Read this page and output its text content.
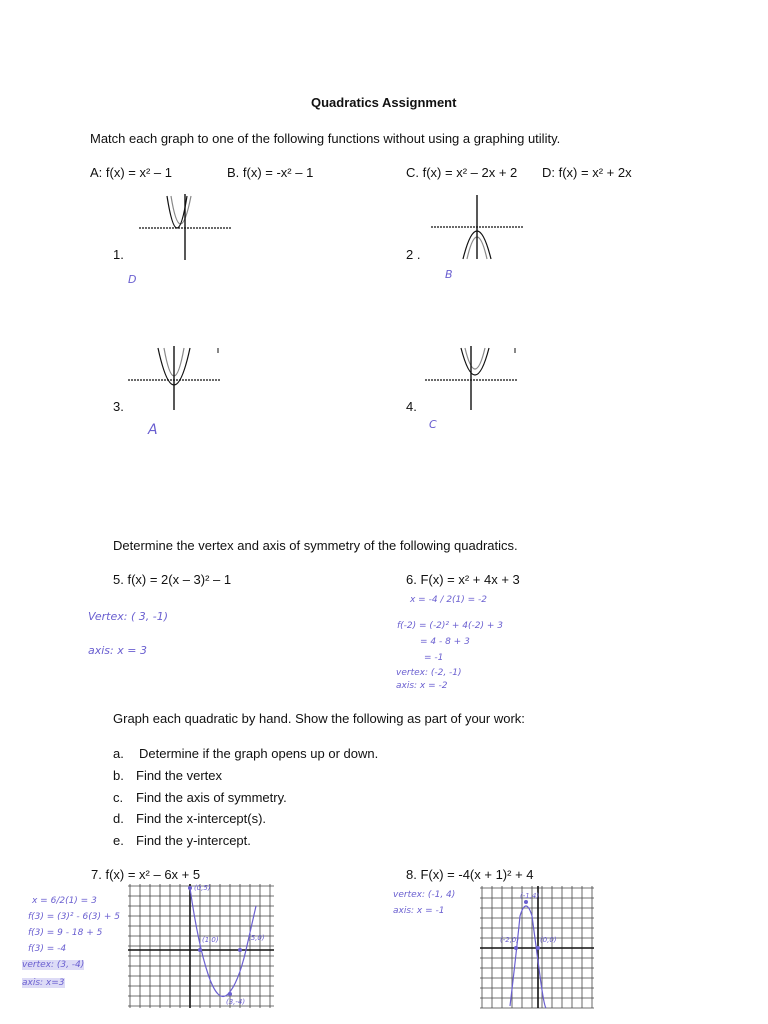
Quadratics Assignment
Match each graph to one of the following functions without using a graphing utility.
A: f(x) = x² – 1	B. f(x) = -x² – 1	C. f(x) = x² – 2x + 2 D: f(x) = x² + 2x
1.
D
2 .
B
3.
A
4.
C
Determine the vertex and axis of symmetry of the following quadratics.
5. f(x) = 2(x – 3)² – 1	6. F(x) = x² + 4x + 3
Vertex: ( 3, -1)
axis: x = 3
x = -4 / 2(1) = -2
f(-2) = (-2)² + 4(-2) + 3
= 4 - 8 + 3
= -1
vertex: (-2, -1)
axis: x = -2
Graph each quadratic by hand. Show the following as part of your work:
a. Determine if the graph opens up or down.
b. Find the vertex
c. Find the axis of symmetry.
d. Find the x-intercept(s).
e. Find the y-intercept.
7. f(x) = x² – 6x + 5	8. F(x) = -4(x + 1)² + 4
x = 6/2(1) = 3
f(3) = (3)² - 6(3) + 5
f(3) = 9 - 18 + 5
f(3) = -4
vertex: (3, -4)
axis: x=3
(0,5)
(1,0)	(5,0)
(3,-4)
vertex: (-1, 4)
axis: x = -1
(-1,4)
(-2,0)	(0,0)
